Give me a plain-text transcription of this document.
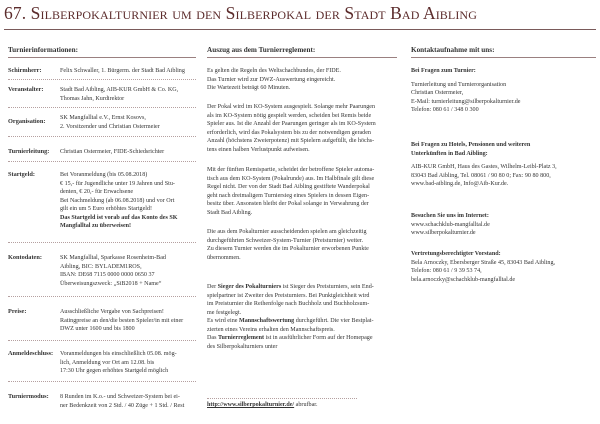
67. Silberpokalturnier um den Silberpokal der Stadt Bad Aibling
Turnierinformationen:	Auszug aus dem Turnierreglement:	Kontaktaufnahme mit uns:
Schirmherr:	Felix Schwaller, 1. Bürgerm. der Stadt Bad Aibling

Veranstalter:	Stadt Bad Aibling, AIB-KUR GmbH & Co. KG,

Thomas Jahn, Kurdirektor

Organisation: SK Mangfalltal e.V., Ernst Kosovs,

2. Vorsitzender und Christian Ostermeier

Turnierleitung: Christian Ostermeier, FIDE-Schiedsrichter

Startgeld:	Bei Voranmeldung (bis 05.08.2018)

€ 15,- für Jugendliche unter 19 Jahren und Stu-

denten, € 20,- für Erwachsene

Bei Nachmeldung (ab 06.08.2018) und vor Ort

gilt ein um 5 Euro erhöhtes Startgeld!

Das Startgeld ist vorab auf das Konto des SK

Mangfalltal zu überweisen!

Kontodaten:	SK Mangfalltal, Sparkasse Rosenheim-Bad

Aibling, BIC: BYLADEM1ROS,

IBAN: DE68 7115 0000 0000 0650 37

Überweisungszweck: „SiB2018 + Name“

Preise:	Ausschließliche Vergabe von Sachpreisen!

Ratingpreise an den/die besten Spieler/in mit einer

DWZ unter 1600 und bis 1800

Anmeldeschluss: Voranmeldungen bis einschließlich 05.08. mög-

lich, Anmeldung vor Ort am 12.08. bis

17:30 Uhr gegen erhöhtes Startgeld möglich

Turniermodus: 8 Runden im K.o.- und Schweizer-System bei ei-

ner Bedenkzeit von 2 Std. / 40 Züge + 1 Std. / Rest

Es gelten die Regeln des Weltschachbundes, der FIDE.

Das Turnier wird zur DWZ-Auswertung eingereicht.

Die Wartezeit beträgt 60 Minuten.

Der Pokal wird im KO-System ausgespielt. Solange mehr Paarungen

als im KO-System nötig gespielt werden, scheiden bei Remis beide

Spieler aus. Ist die Anzahl der Paarungen geringer als im KO-System

erforderlich, wird das Pokalsystem bis zu der notwendigen geraden

Anzahl (höchstens Zweierpotenz) mit Spielern aufgefüllt, die höchs-

tens einen halben Verlustpunkt aufweisen.

Mit der fünften Remispartie, scheidet der betroffene Spieler automa-

tisch aus dem KO-System (Pokalrunde) aus. Im Halbfinale gilt diese

Regel nicht. Der von der Stadt Bad Aibling gestiftete Wanderpokal

geht nach dreimaligem Turniersieg eines Spielers in dessen Eigen-

besitz über. Ansonsten bleibt der Pokal solange in Verwahrung der

Stadt Bad Aibling.

Die aus dem Pokalturnier ausscheidenden spielen am gleichzeitig

durchgeführten Schweizer-System-Turnier (Preisturnier) weiter.

Zu diesem Turnier werden die im Pokalturnier erworbenen Punkte

übernommen.

Der Sieger des Pokalturniers ist Sieger des Preisturniers, sein End-

spielpartner ist Zweiter des Preisturniers. Bei Punktgleichheit wird

im Preisturnier die Reihenfolge nach Buchholz und Buchholzsum-

me festgelegt.

Es wird eine Mannschaftswertung durchgeführt. Die vier Bestplat-

zierten eines Vereins erhalten den Mannschaftspreis.

Das Turnierreglement ist in ausführlicher Form auf der Homepage

des Silberpokalturniers unter

http://www.silberpokalturnier.de/ abrufbar.

Bei Fragen zum Turnier:

Turnierleitung und Turnierorganisation

Christian Ostermeier,

E-Mail: turnierleitung@silberpokalturnier.de

Telefon: 080 61 / 348 0 300

Bei Fragen zu Hotels, Pensionen und weiteren

Unterkünften in Bad Aibling:

AIB-KUR GmbH, Haus des Gastes, Wilhelm-Leibl-Platz 3,

83043 Bad Aibling, Tel. 08061 / 90 80 0; Fax: 90 80 800,

www.bad-aibling.de, Info@Aib-Kur.de.

Besuchen Sie uns im Internet:

www.schachklub-mangfalltal.de

www.silberpokalturnier.de

Vertretungsberechtigter Vorstand:

Bela Arnoczky, Ebersberger Straße 45, 83043 Bad Aibling,

Telefon: 080 61 / 9 39 53 74,

bela.arnoczky@schachklub-mangfalltal.de
